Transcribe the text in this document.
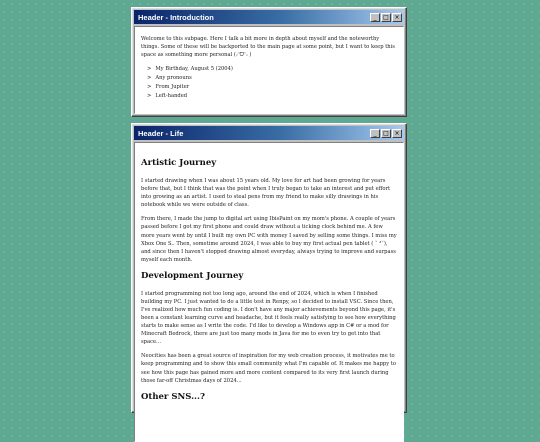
Header - Introduction	_	□ ×

Welcome to this subpage. Here I talk a bit more in depth about myself and the noteworthy things. Some of these will be backported to the main page at some point, but I want to keep this space as something more personal (˶ᵔᗜᵔ˶ )

> My Birthday, August 5 (2004)
> Any pronouns
> From Jupiter
> Left-handed
Header - Life	_	□ ×
Artistic Journey

I started drawing when I was about 15 years old. My love for art had been growing for years before that, but I think that was the point when I truly began to take an interest and put effort into growing as an artist. I used to steal pens from my friend to make silly drawings in his notebook while we were outside of class.

From there, I made the jump to digital art using IbisPaint on my mom's phone. A couple of years passed before I got my first phone and could draw without a ticking clock behind me. A few more years went by until I built my own PC with money I saved by selling some things. I miss my Xbox One S.. Then, sometime around 2024, I was able to buy my first actual pen tablet ( ˘ ³˘), and since then I haven't stopped drawing almost everyday, always trying to improve and surpass myself each month.

Development Journey

I started programming not too long ago, around the end of 2024, which is when I finished building my PC. I just wanted to do a little test in Renpy, so I decided to install VSC. Since then, I've realized how much fun coding is. I don't have any major achievements beyond this page, it's been a constant learning curve and headache, but it feels really satisfying to see how everything starts to make sense as I write the code. I'd like to develop a Windows app in C# or a mod for Minecraft Bedrock, there are just too many mods in Java for me to even try to get into that space...

Neocities has been a great source of inspiration for my web creation process, it motivates me to keep programming and to show this small community what I'm capable of. It makes me happy to see how this page has gained more and more content compared to its very first launch during those far-off Christmas days of 2024...

Other SNS...?
